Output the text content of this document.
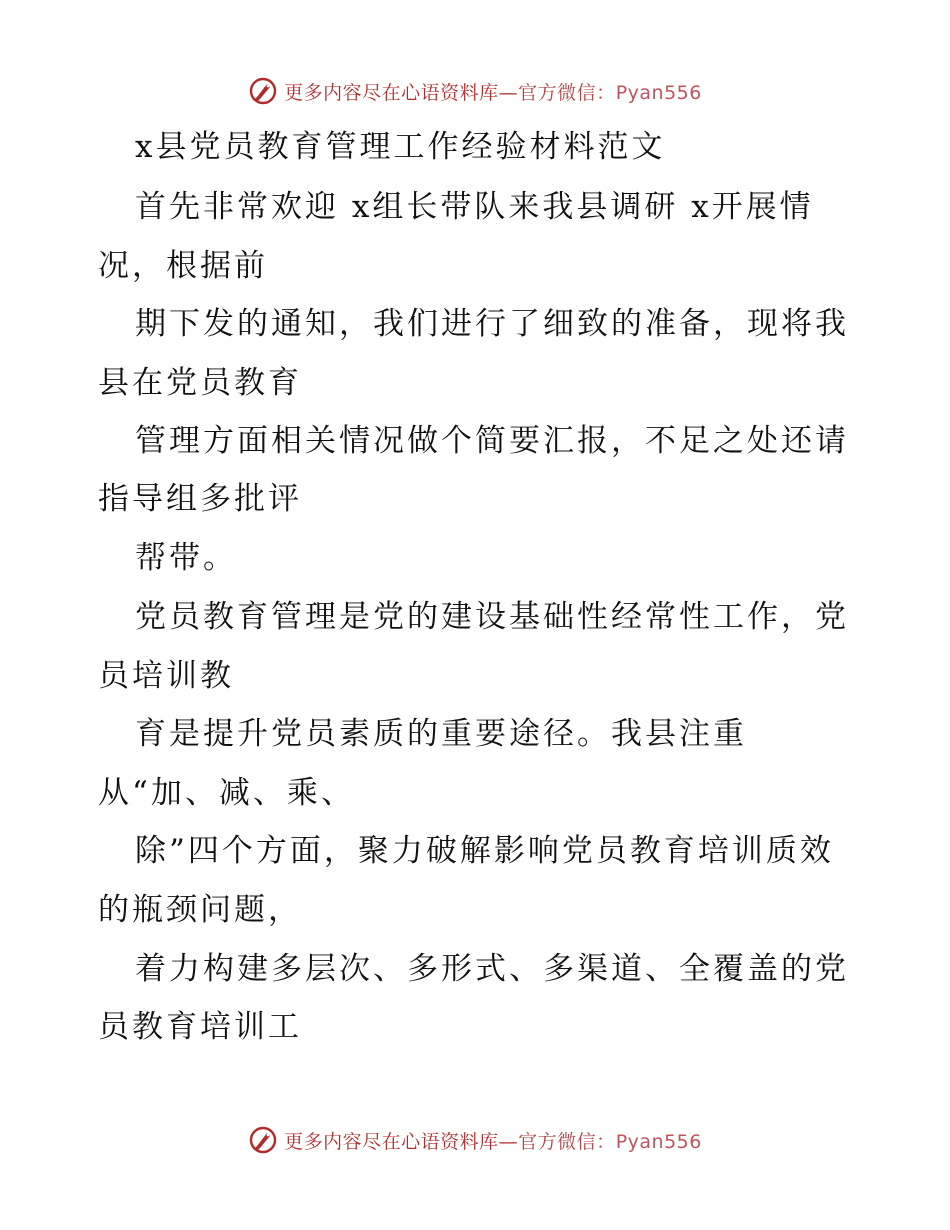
更多内容尽在心语资料库—官方微信：Pyan556
x县党员教育管理工作经验材料范文
首先非常欢迎 x组长带队来我县调研 x开展情
况，根据前
期下发的通知，我们进行了细致的准备，现将我
县在党员教育
管理方面相关情况做个简要汇报，不足之处还请
指导组多批评
帮带。
党员教育管理是党的建设基础性经常性工作，党
员培训教
育是提升党员素质的重要途径。我县注重
从“加、减、乘、
除”四个方面，聚力破解影响党员教育培训质效
的瓶颈问题，
着力构建多层次、多形式、多渠道、全覆盖的党
员教育培训工
更多内容尽在心语资料库—官方微信：Pyan556
